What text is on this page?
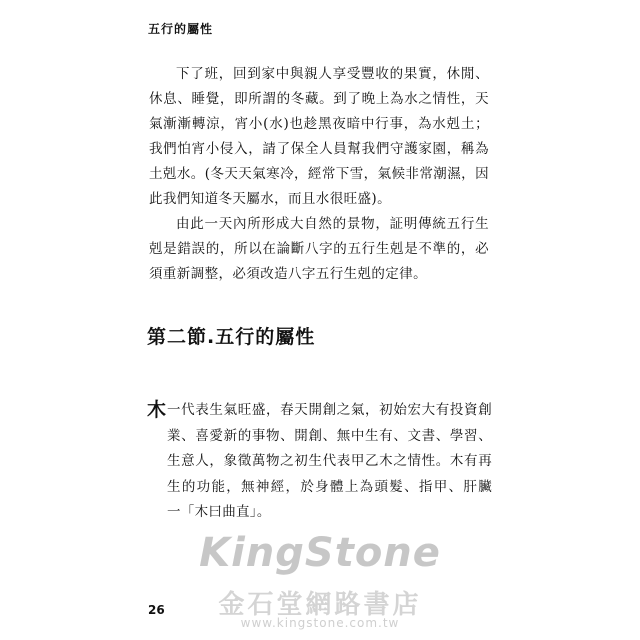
五行的屬性

下了班，回到家中與親人享受豐收的果實，休閒、休息、睡覺，即所謂的冬藏。到了晚上為水之情性，天氣漸漸轉涼，宵小(水)也趁黑夜暗中行事，為水剋土；我們怕宵小侵入，請了保全人員幫我們守護家園，稱為土剋水。(冬天天氣寒冷，經常下雪，氣候非常潮濕，因此我們知道冬天屬水，而且水很旺盛)。

由此一天內所形成大自然的景物，証明傳統五行生剋是錯誤的，所以在論斷八字的五行生剋是不準的，必須重新調整，必須改造八字五行生剋的定律。

第二節.五行的屬性
木 一代表生氣旺盛，春天開創之氣，初始宏大有投資創業、喜愛新的事物、開創、無中生有、文書、學習、生意人，象徵萬物之初生代表甲乙木之情性。木有再生的功能，無神經，於身體上為頭髮、指甲、肝臟　一「木曰曲直」。
KingStone
金石堂網路書店
www.kingstone.com.tw
26
